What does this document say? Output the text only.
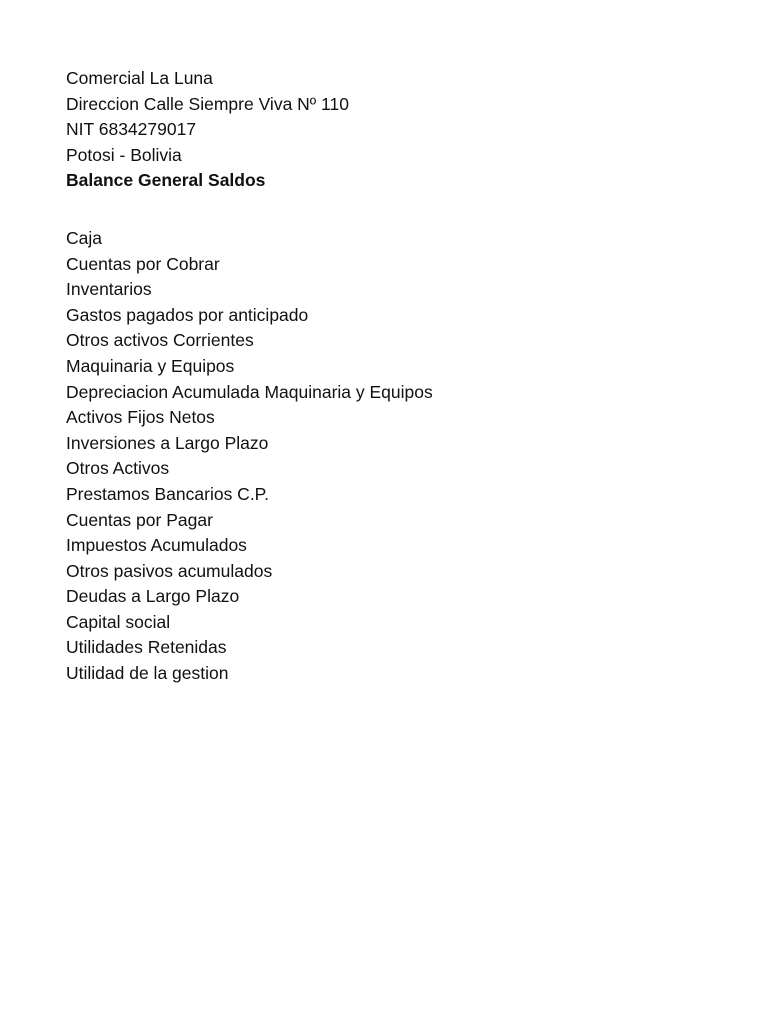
Comercial La Luna
Direccion Calle Siempre Viva Nº 110
NIT 6834279017
Potosi - Bolivia
Balance General Saldos
Caja
Cuentas por Cobrar
Inventarios
Gastos pagados por anticipado
Otros activos Corrientes
Maquinaria y Equipos
Depreciacion Acumulada Maquinaria y Equipos
Activos Fijos Netos
Inversiones a Largo Plazo
Otros Activos
Prestamos Bancarios C.P.
Cuentas por Pagar
Impuestos Acumulados
Otros pasivos acumulados
Deudas a Largo Plazo
Capital social
Utilidades Retenidas
Utilidad de la gestion
